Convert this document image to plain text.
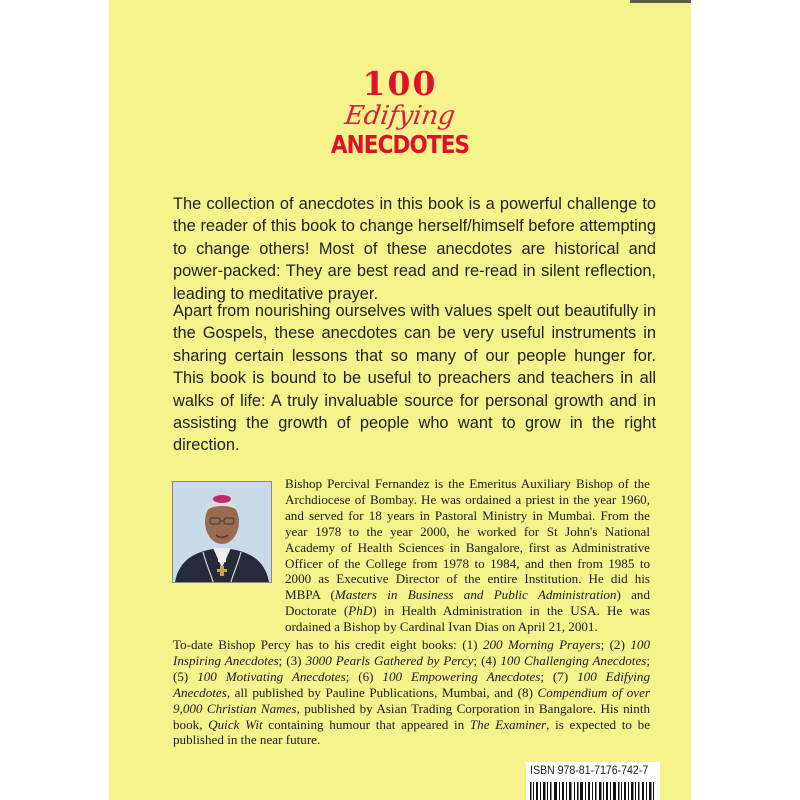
100
Edifying
ANECDOTES

The collection of anecdotes in this book is a powerful challenge to the reader of this book to change herself/himself before attempting to change others! Most of these anecdotes are historical and power-packed: They are best read and re-read in silent reflection, leading to meditative prayer.

Apart from nourishing ourselves with values spelt out beautifully in the Gospels, these anecdotes can be very useful instruments in sharing certain lessons that so many of our people hunger for. This book is bound to be useful to preachers and teachers in all walks of life: A truly invaluable source for personal growth and in assisting the growth of people who want to grow in the right direction.

Bishop Percival Fernandez is the Emeritus Auxiliary Bishop of the Archdiocese of Bombay. He was ordained a priest in the year 1960, and served for 18 years in Pastoral Ministry in Mumbai. From the year 1978 to the year 2000, he worked for St John's National Academy of Health Sciences in Bangalore, first as Administrative Officer of the College from 1978 to 1984, and then from 1985 to 2000 as Executive Director of the entire Institution. He did his MBPA (Masters in Business and Public Administration) and Doctorate (PhD) in Health Administration in the USA. He was ordained a Bishop by Cardinal Ivan Dias on April 21, 2001.

To-date Bishop Percy has to his credit eight books: (1) 200 Morning Prayers; (2) 100 Inspiring Anecdotes; (3) 3000 Pearls Gathered by Percy; (4) 100 Challenging Anecdotes; (5) 100 Motivating Anecdotes; (6) 100 Empowering Anecdotes; (7) 100 Edifying Anecdotes, all published by Pauline Publications, Mumbai, and (8) Compendium of over 9,000 Christian Names, published by Asian Trading Corporation in Bangalore. His ninth book, Quick Wit containing humour that appeared in The Examiner, is expected to be published in the near future.

ISBN 978-81-7176-742-7
